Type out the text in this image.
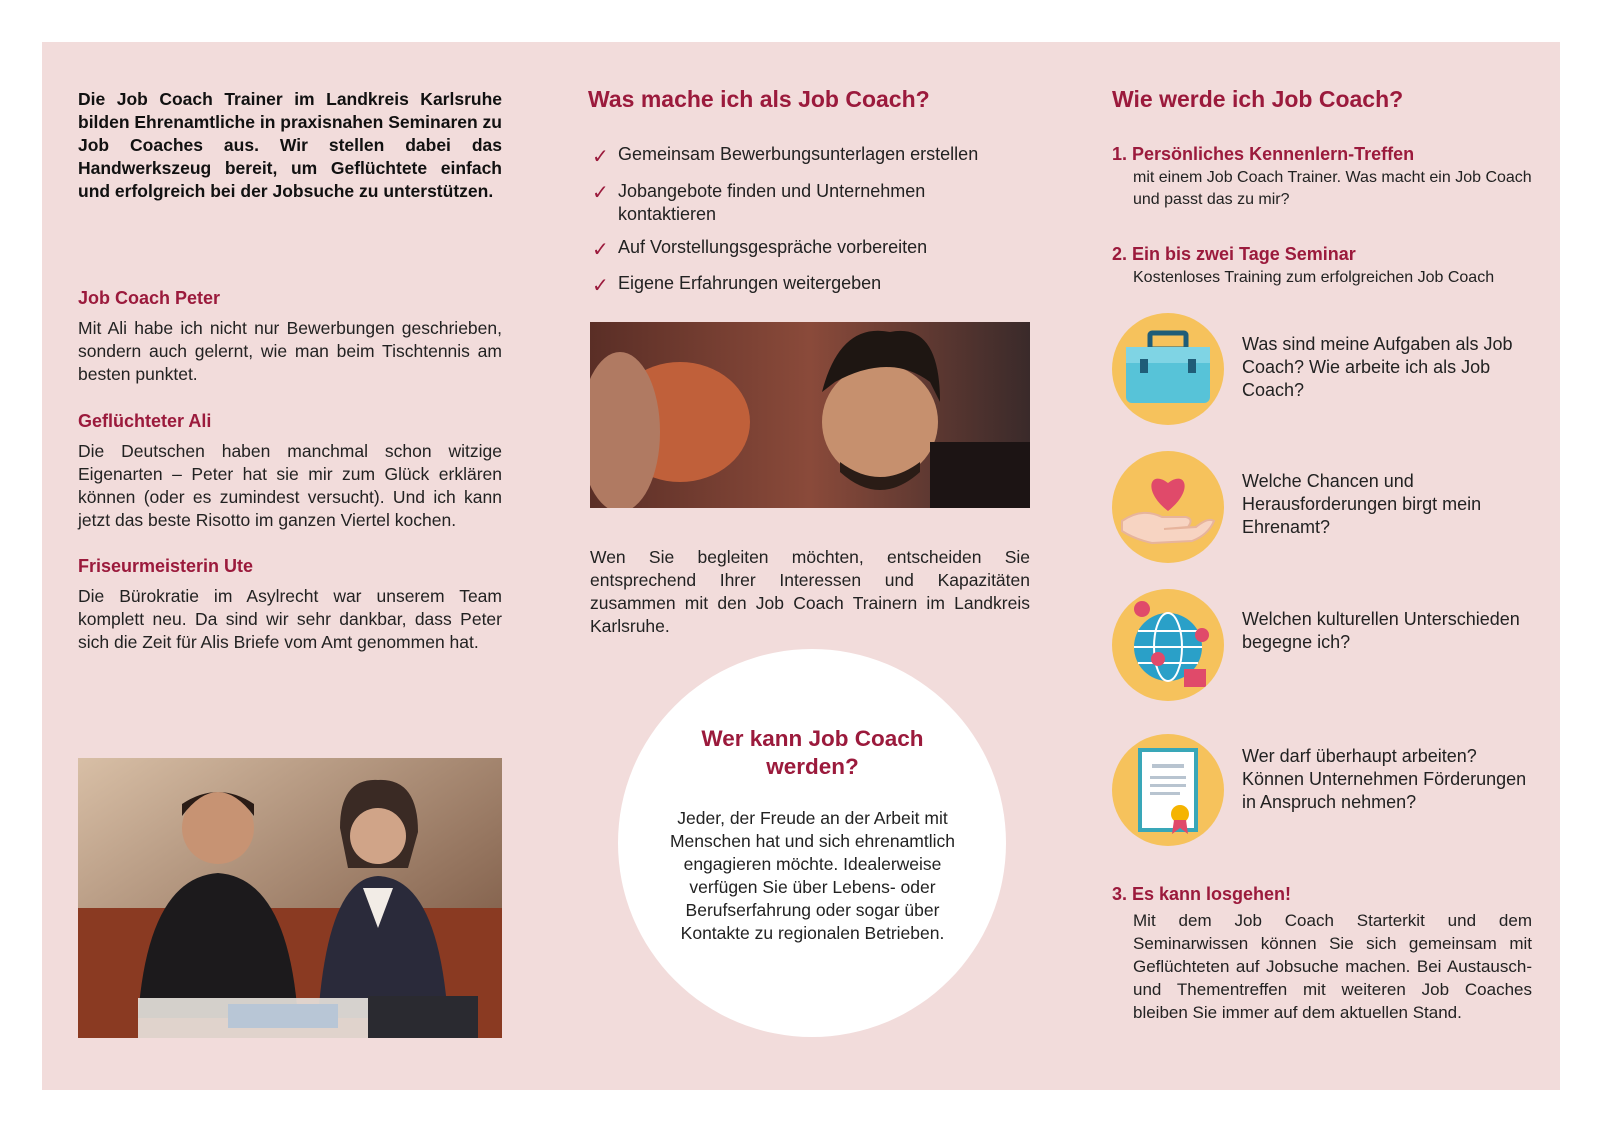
Die Job Coach Trainer im Landkreis Karlsruhe bilden Ehrenamtliche in praxisnahen Seminaren zu Job Coaches aus. Wir stellen dabei das Handwerkszeug bereit, um Geflüchtete einfach und erfolgreich bei der Jobsuche zu unterstützen.
Job Coach Peter
Mit Ali habe ich nicht nur Bewerbungen geschrieben, sondern auch gelernt, wie man beim Tischtennis am besten punktet.
Geflüchteter Ali
Die Deutschen haben manchmal schon witzige Eigenarten – Peter hat sie mir zum Glück erklären können (oder es zumindest versucht). Und ich kann jetzt das beste Risotto im ganzen Viertel kochen.
Friseurmeisterin Ute
Die Bürokratie im Asylrecht war unserem Team komplett neu. Da sind wir sehr dankbar, dass Peter sich die Zeit für Alis Briefe vom Amt genommen hat.
Was mache ich als Job Coach?
✓ Gemeinsam Bewerbungsunterlagen erstellen
✓ Jobangebote finden und Unternehmen kontaktieren
✓ Auf Vorstellungsgespräche vorbereiten
✓ Eigene Erfahrungen weitergeben
Wen Sie begleiten möchten, entscheiden Sie entsprechend Ihrer Interessen und Kapazitäten zusammen mit den Job Coach Trainern im Landkreis Karlsruhe.
Wer kann Job Coach werden?
Jeder, der Freude an der Arbeit mit Menschen hat und sich ehrenamtlich engagieren möchte. Idealerweise verfügen Sie über Lebens- oder Berufserfahrung oder sogar über Kontakte zu regionalen Betrieben.
Wie werde ich Job Coach?
1. Persönliches Kennenlern-Treffen
mit einem Job Coach Trainer. Was macht ein Job Coach und passt das zu mir?
2. Ein bis zwei Tage Seminar
Kostenloses Training zum erfolgreichen Job Coach
Was sind meine Aufgaben als Job Coach? Wie arbeite ich als Job Coach?
Welche Chancen und Herausforderungen birgt mein Ehrenamt?
Welchen kulturellen Unterschieden begegne ich?
Wer darf überhaupt arbeiten? Können Unternehmen Förderungen in Anspruch nehmen?
3. Es kann losgehen!
Mit dem Job Coach Starterkit und dem Seminarwissen können Sie sich gemeinsam mit Geflüchteten auf Jobsuche machen. Bei Austausch- und Thementreffen mit weiteren Job Coaches bleiben Sie immer auf dem aktuellen Stand.
